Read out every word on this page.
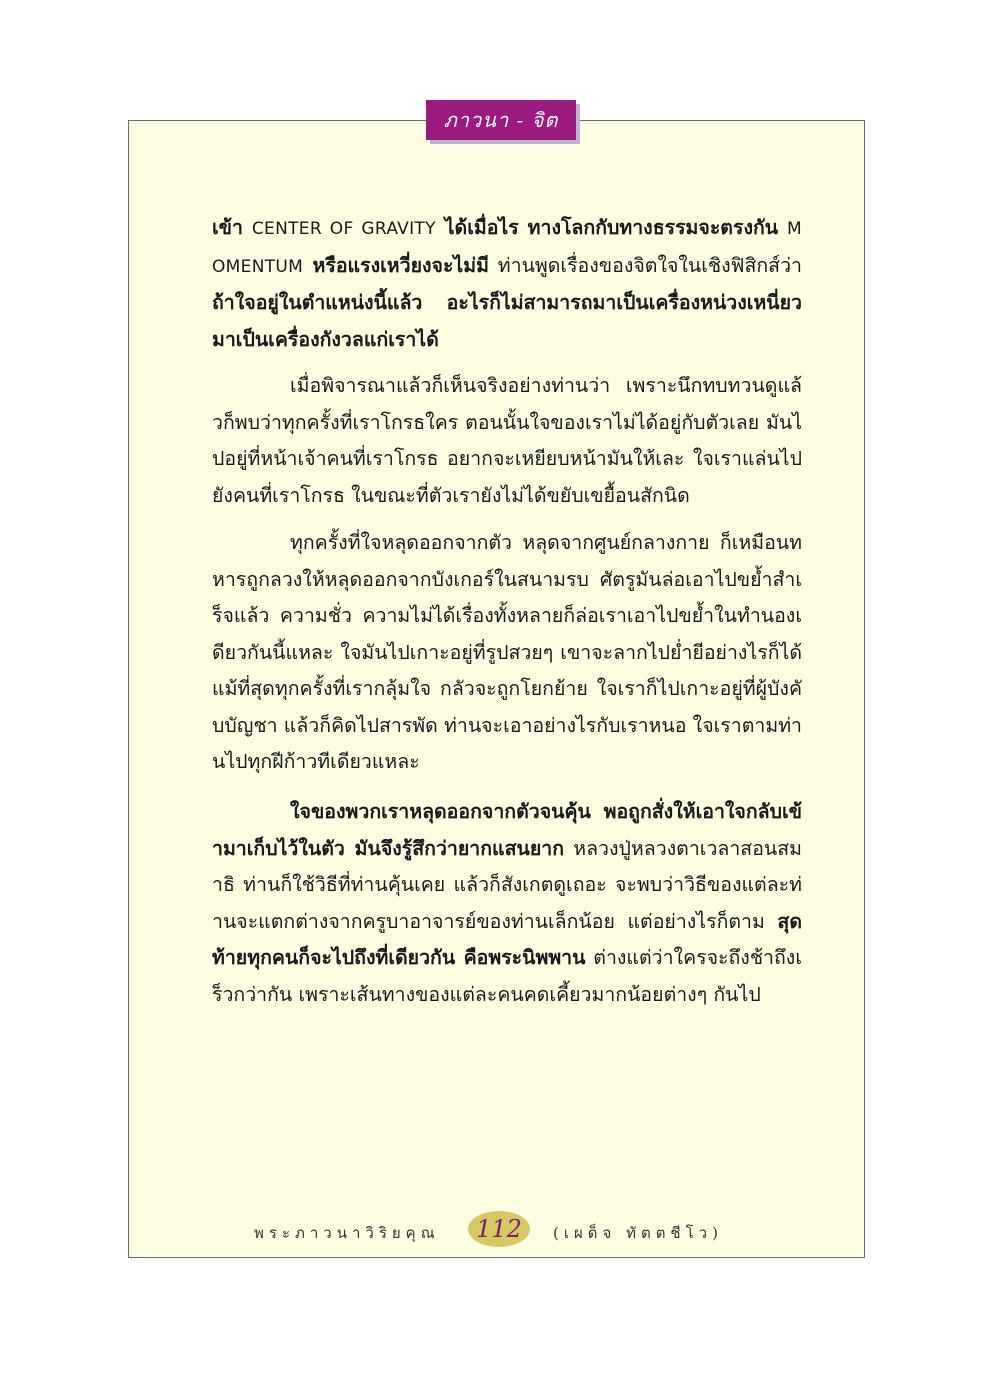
ภาวนา - จิต

เข้า CENTER OF GRAVITY ได้เมื่อไร ทางโลกกับทางธรรมจะตรงกัน MOMENTUM หรือแรงเหวี่ยงจะไม่มี ท่านพูดเรื่องของจิตใจในเชิงฟิสิกส์ว่า ถ้าใจอยู่ในตำแหน่งนี้แล้ว อะไรก็ไม่สามารถมาเป็นเครื่องหน่วงเหนี่ยว มาเป็นเครื่องกังวลแก่เราได้

เมื่อพิจารณาแล้วก็เห็นจริงอย่างท่านว่า เพราะนึกทบทวนดูแล้วก็พบว่าทุกครั้งที่เราโกรธใคร ตอนนั้นใจของเราไม่ได้อยู่กับตัวเลย มันไปอยู่ที่หน้าเจ้าคนที่เราโกรธ อยากจะเหยียบหน้ามันให้เละ ใจเราแล่นไปยังคนที่เราโกรธ ในขณะที่ตัวเรายังไม่ได้ขยับเขยื้อนสักนิด

ทุกครั้งที่ใจหลุดออกจากตัว หลุดจากศูนย์กลางกาย ก็เหมือนทหารถูกลวงให้หลุดออกจากบังเกอร์ในสนามรบ ศัตรูมันล่อเอาไปขย้ำสำเร็จแล้ว ความชั่ว ความไม่ได้เรื่องทั้งหลายก็ล่อเราเอาไปขย้ำในทำนองเดียวกันนี้แหละ ใจมันไปเกาะอยู่ที่รูปสวยๆ เขาจะลากไปย่ำยีอย่างไรก็ได้ แม้ที่สุดทุกครั้งที่เรากลุ้มใจ กลัวจะถูกโยกย้าย ใจเราก็ไปเกาะอยู่ที่ผู้บังคับบัญชา แล้วก็คิดไปสารพัด ท่านจะเอาอย่างไรกับเราหนอ ใจเราตามท่านไปทุกฝีก้าวทีเดียวแหละ

ใจของพวกเราหลุดออกจากตัวจนคุ้น พอถูกสั่งให้เอาใจกลับเข้ามาเก็บไว้ในตัว มันจึงรู้สึกว่ายากแสนยาก หลวงปู่หลวงตาเวลาสอนสมาธิ ท่านก็ใช้วิธีที่ท่านคุ้นเคย แล้วก็สังเกตดูเถอะ จะพบว่าวิธีของแต่ละท่านจะแตกต่างจากครูบาอาจารย์ของท่านเล็กน้อย แต่อย่างไรก็ตาม สุดท้ายทุกคนก็จะไปถึงที่เดียวกัน คือพระนิพพาน ต่างแต่ว่าใครจะถึงช้าถึงเร็วกว่ากัน เพราะเส้นทางของแต่ละคนคดเคี้ยวมากน้อยต่างๆ กันไป

พระภาวนาวิริยคุณ 112 (เผด็จ ทัตตชีโว)
